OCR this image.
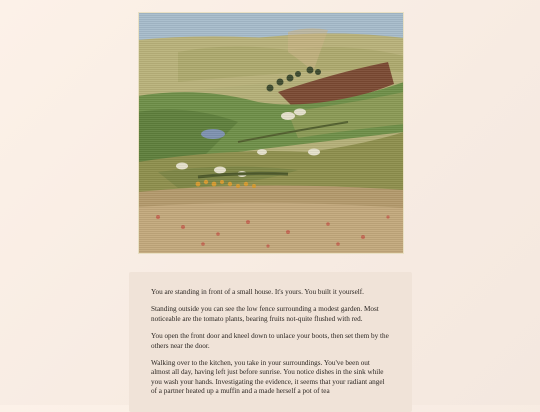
You are standing in front of a small house. It's yours. You built it yourself.

Standing outside you can see the low fence surrounding a modest garden. Most noticeable are the tomato plants, bearing fruits not-quite flushed with red.

You open the front door and kneel down to unlace your boots, then set them by the others near the door.

Walking over to the kitchen, you take in your surroundings. You've been out almost all day, having left just before sunrise. You notice dishes in the sink while you wash your hands. Investigating the evidence, it seems that your radiant angel of a partner heated up a muffin and a made herself a pot of tea
